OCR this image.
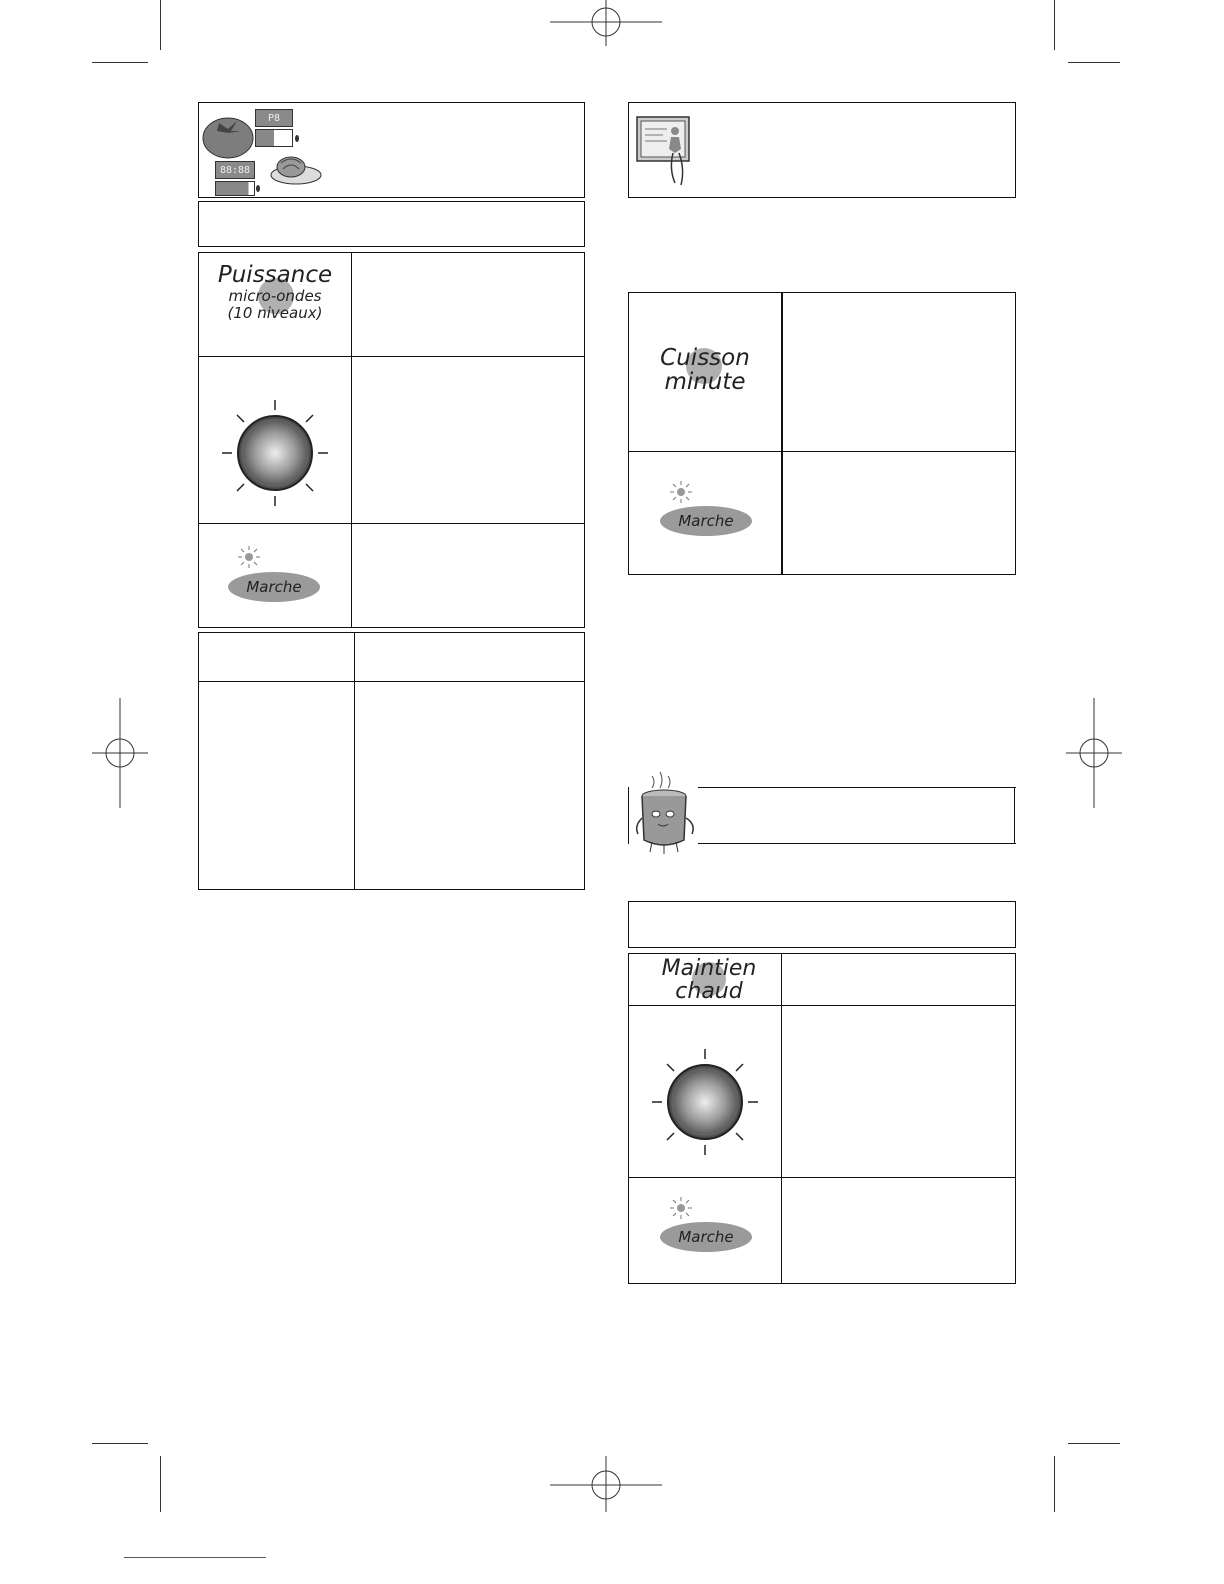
P8
88:88
Puissance
micro-ondes
(10 niveaux)
Marche
Cuisson
minute
Marche
Maintien
chaud
Marche
